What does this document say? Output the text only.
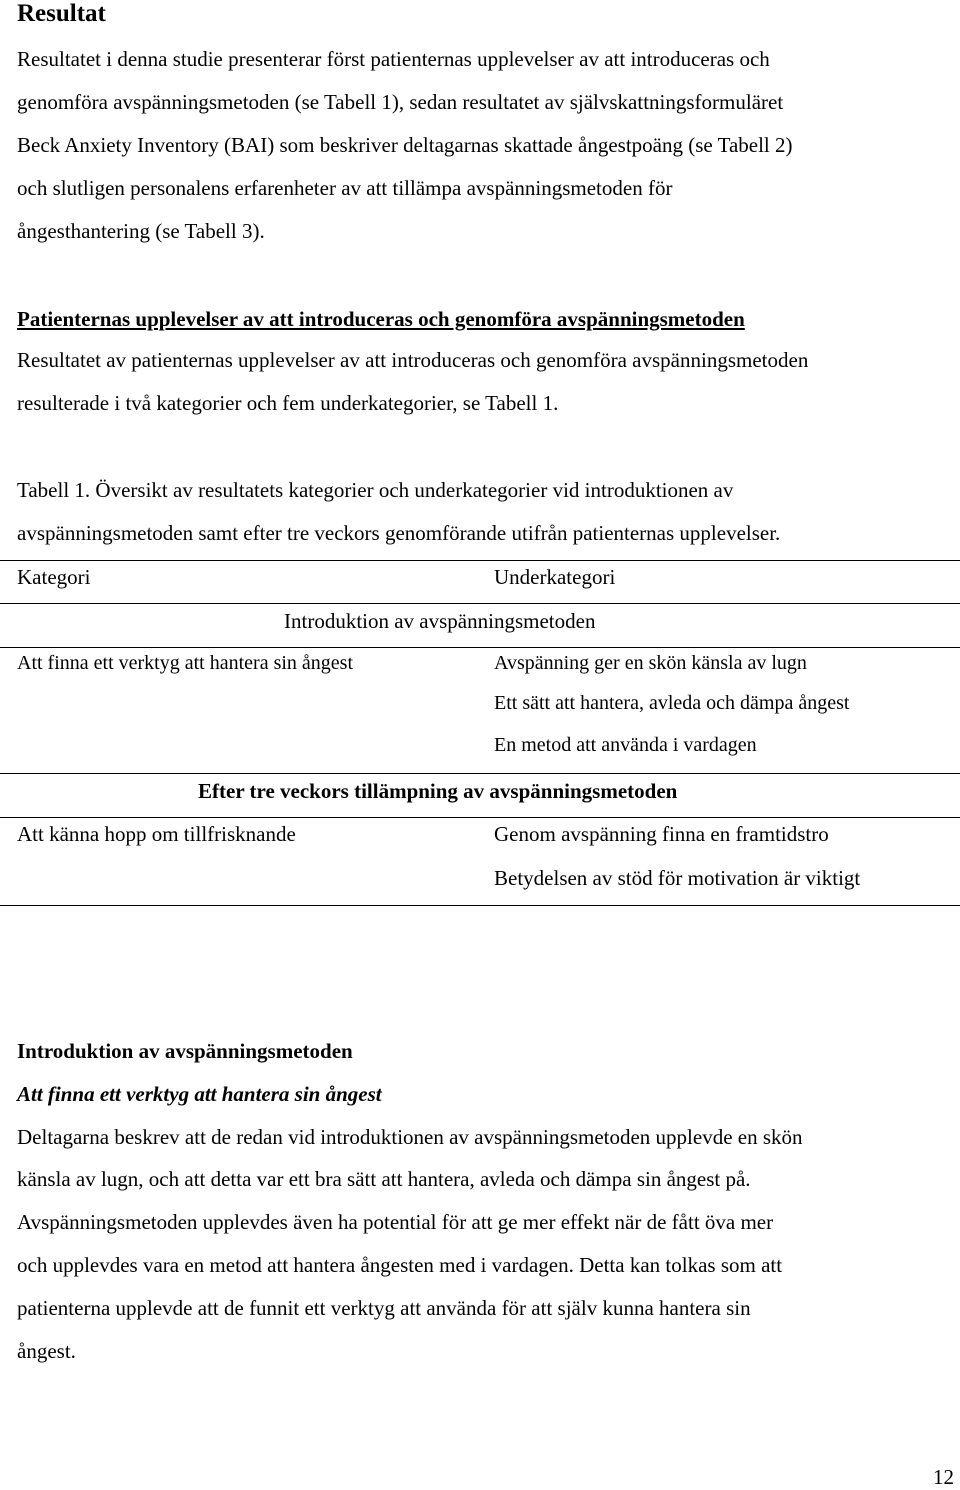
Resultat
Resultatet i denna studie presenterar först patienternas upplevelser av att introduceras och
genomföra avspänningsmetoden (se Tabell 1), sedan resultatet av självskattningsformuläret
Beck Anxiety Inventory (BAI) som beskriver deltagarnas skattade ångestpoäng (se Tabell 2)
och slutligen personalens erfarenheter av att tillämpa avspänningsmetoden för
ångesthantering (se Tabell 3).
Patienternas upplevelser av att introduceras och genomföra avspänningsmetoden
Resultatet av patienternas upplevelser av att introduceras och genomföra avspänningsmetoden
resulterade i två kategorier och fem underkategorier, se Tabell 1.
Tabell 1. Översikt av resultatets kategorier och underkategorier vid introduktionen av
avspänningsmetoden samt efter tre veckors genomförande utifrån patienternas upplevelser.
Kategori	Underkategori
Introduktion av avspänningsmetoden
Att finna ett verktyg att hantera sin ångest	Avspänning ger en skön känsla av lugn
Ett sätt att hantera, avleda och dämpa ångest
En metod att använda i vardagen
Efter tre veckors tillämpning av avspänningsmetoden
Att känna hopp om tillfrisknande	Genom avspänning finna en framtidstro
Betydelsen av stöd för motivation är viktigt
Introduktion av avspänningsmetoden
Att finna ett verktyg att hantera sin ångest
Deltagarna beskrev att de redan vid introduktionen av avspänningsmetoden upplevde en skön
känsla av lugn, och att detta var ett bra sätt att hantera, avleda och dämpa sin ångest på.
Avspänningsmetoden upplevdes även ha potential för att ge mer effekt när de fått öva mer
och upplevdes vara en metod att hantera ångesten med i vardagen. Detta kan tolkas som att
patienterna upplevde att de funnit ett verktyg att använda för att själv kunna hantera sin
ångest.
12
